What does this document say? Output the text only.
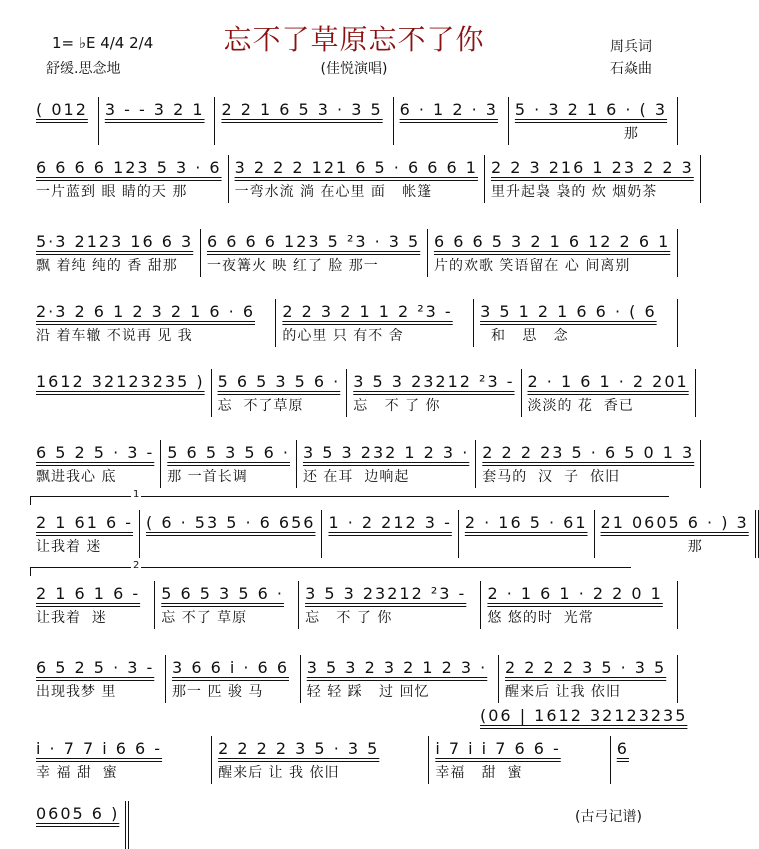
忘不了草原忘不了你
1= ♭E 4/4 2/4
舒缓.思念地	(佳悦演唱)
周兵词
石焱曲
( 012 3 - - 3 2 1 2 2 1 6 5 3 · 3 5 6 · 1 2 · 3 5 · 3 2 1 6 · ( 3
那
6 6 6 6 123 5 3 · 6
一片蓝到 眼 睛的天 那
3 2 2 2 121 6 5 · 6 6 6 1
一弯水流 淌 在心里 面   帐篷
2 2 3 216 1 23 2 2 3
里升起袅 袅的 炊 烟奶茶
5·3 2123 16 6 3
飘 着纯 纯的 香 甜那
6 6 6 6 123 5 ²3 · 3 5
一夜篝火 映 红了 脸 那一
6 6 6 5 3 2 1 6 12 2 6 1
片的欢歌 笑语留在 心 间离别
2·3 2 6 1 2 3 2 1 6 · 6
沿 着车辙 不说再 见 我
2 2 3 2 1 1 2 ²3 -
的心里 只 有不 舍
3 5 1 2 1 6 6 · ( 6
和   思   念
1612 32123235 ) 5 6 5 3 5 6 ·
忘  不了草原
3 5 3 23212 ²3 -
忘   不 了 你
2 · 1 6 1 · 2 201
淡淡的 花  香已
6 5 2 5 · 3 -
飘进我心 底
5 6 5 3 5 6 ·
那 一首长调
3 5 3 232 1 2 3 ·
还 在耳  边响起
2 2 2 23 5 · 6 5 0 1 3
套马的  汉  子  依旧
2 1 61 6 -
让我着 迷
( 6 · 53 5 · 6 656 1 · 2 212 3 - 2 · 16 5 · 61 21 0605 6 · ) 3
那
2 1 6 1 6 -
让我着  迷
5 6 5 3 5 6 ·
忘 不了 草原
3 5 3 23212 ²3 -
忘   不 了 你
2 · 1 6 1 · 2 2 0 1
悠 悠的时  光常
6 5 2 5 · 3 -
出现我梦 里
3 6 6 i · 6 6
那一 匹 骏 马
3 5 3 2 3 2 1 2 3 ·
轻 轻 踩   过 回忆
2 2 2 2 3 5 · 3 5
醒来后 让我 依旧
i · 7 7 i 6 6 -
幸 福 甜  蜜
2 2 2 2 3 5 · 3 5
醒来后 让 我 依旧
i 7 i i 7 6 6 -
幸福   甜  蜜
6
0605 6 )
1
2
(06 | 1612 32123235
(古弓记谱)
